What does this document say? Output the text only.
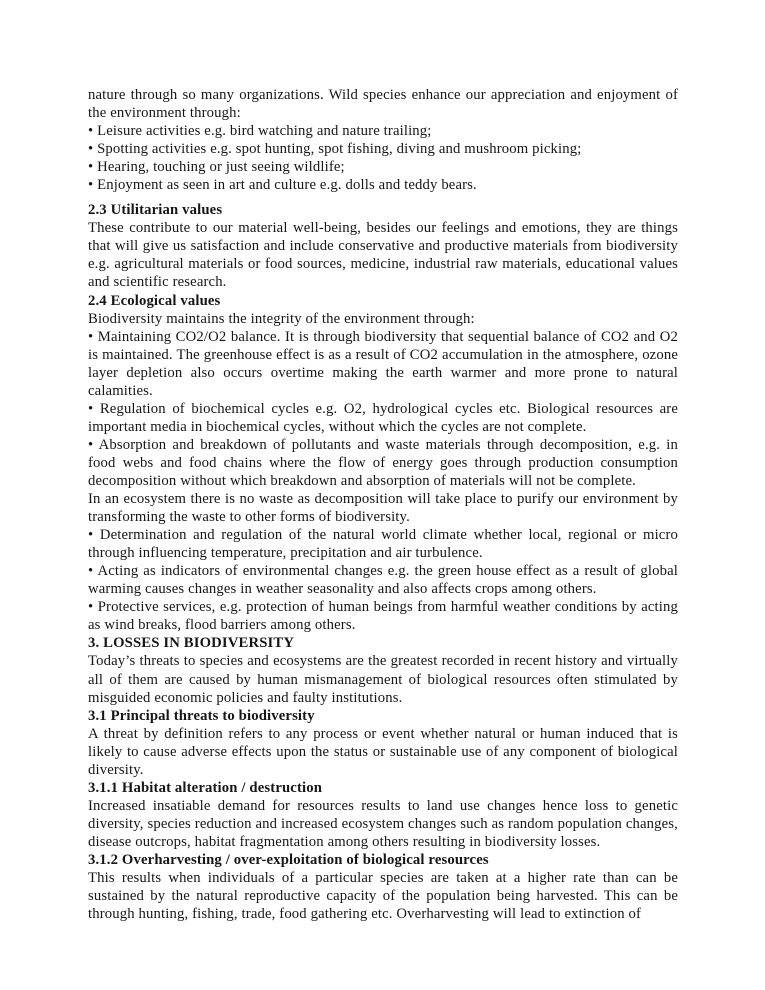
nature through so many organizations. Wild species enhance our appreciation and enjoyment of the environment through:

• Leisure activities e.g. bird watching and nature trailing;

• Spotting activities e.g. spot hunting, spot fishing, diving and mushroom picking;

• Hearing, touching or just seeing wildlife;

• Enjoyment as seen in art and culture e.g. dolls and teddy bears.

2.3 Utilitarian values

These contribute to our material well-being, besides our feelings and emotions, they are things that will give us satisfaction and include conservative and productive materials from biodiversity e.g. agricultural materials or food sources, medicine, industrial raw materials, educational values and scientific research.

2.4 Ecological values

Biodiversity maintains the integrity of the environment through:

• Maintaining CO2/O2 balance. It is through biodiversity that sequential balance of CO2 and O2 is maintained. The greenhouse effect is as a result of CO2 accumulation in the atmosphere, ozone layer depletion also occurs overtime making the earth warmer and more prone to natural calamities.

• Regulation of biochemical cycles e.g. O2, hydrological cycles etc. Biological resources are important media in biochemical cycles, without which the cycles are not complete.

• Absorption and breakdown of pollutants and waste materials through decomposition, e.g. in food webs and food chains where the flow of energy goes through production consumption decomposition without which breakdown and absorption of materials will not be complete.

In an ecosystem there is no waste as decomposition will take place to purify our environment by transforming the waste to other forms of biodiversity.

• Determination and regulation of the natural world climate whether local, regional or micro through influencing temperature, precipitation and air turbulence.

• Acting as indicators of environmental changes e.g. the green house effect as a result of global warming causes changes in weather seasonality and also affects crops among others.

• Protective services, e.g. protection of human beings from harmful weather conditions by acting as wind breaks, flood barriers among others.

3. LOSSES IN BIODIVERSITY

Today’s threats to species and ecosystems are the greatest recorded in recent history and virtually all of them are caused by human mismanagement of biological resources often stimulated by misguided economic policies and faulty institutions.

3.1 Principal threats to biodiversity

A threat by definition refers to any process or event whether natural or human induced that is likely to cause adverse effects upon the status or sustainable use of any component of biological diversity.

3.1.1 Habitat alteration / destruction

Increased insatiable demand for resources results to land use changes hence loss to genetic diversity, species reduction and increased ecosystem changes such as random population changes, disease outcrops, habitat fragmentation among others resulting in biodiversity losses.

3.1.2 Overharvesting / over-exploitation of biological resources

This results when individuals of a particular species are taken at a higher rate than can be sustained by the natural reproductive capacity of the population being harvested. This can be through hunting, fishing, trade, food gathering etc. Overharvesting will lead to extinction of
